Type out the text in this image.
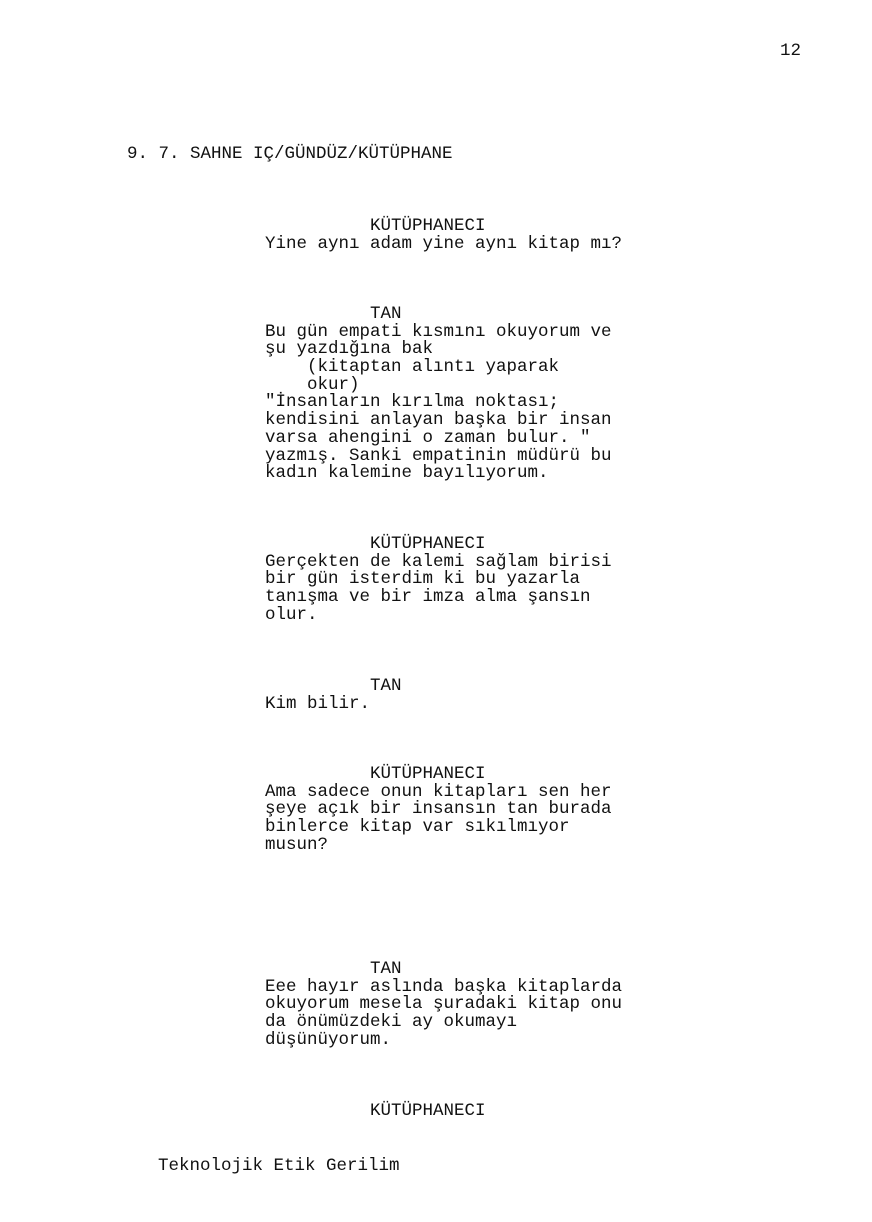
12
9. 7. SAHNE IÇ/GÜNDÜZ/KÜTÜPHANE
KÜTÜPHANECI
Yine aynı adam yine aynı kitap mı?
TAN
Bu gün empati kısmını okuyorum ve
şu yazdığına bak
(kitaptan alıntı yaparak
okur)
"İnsanların kırılma noktası;
kendisini anlayan başka bir insan
varsa ahengini o zaman bulur. "
yazmış. Sanki empatinin müdürü bu
kadın kalemine bayılıyorum.
KÜTÜPHANECI
Gerçekten de kalemi sağlam birisi
bir gün isterdim ki bu yazarla
tanışma ve bir imza alma şansın
olur.
TAN
Kim bilir.
KÜTÜPHANECI
Ama sadece onun kitapları sen her
şeye açık bir insansın tan burada
binlerce kitap var sıkılmıyor
musun?
TAN
Eee hayır aslında başka kitaplarda
okuyorum mesela şuradaki kitap onu
da önümüzdeki ay okumayı
düşünüyorum.
KÜTÜPHANECI
Teknolojik Etik Gerilim
